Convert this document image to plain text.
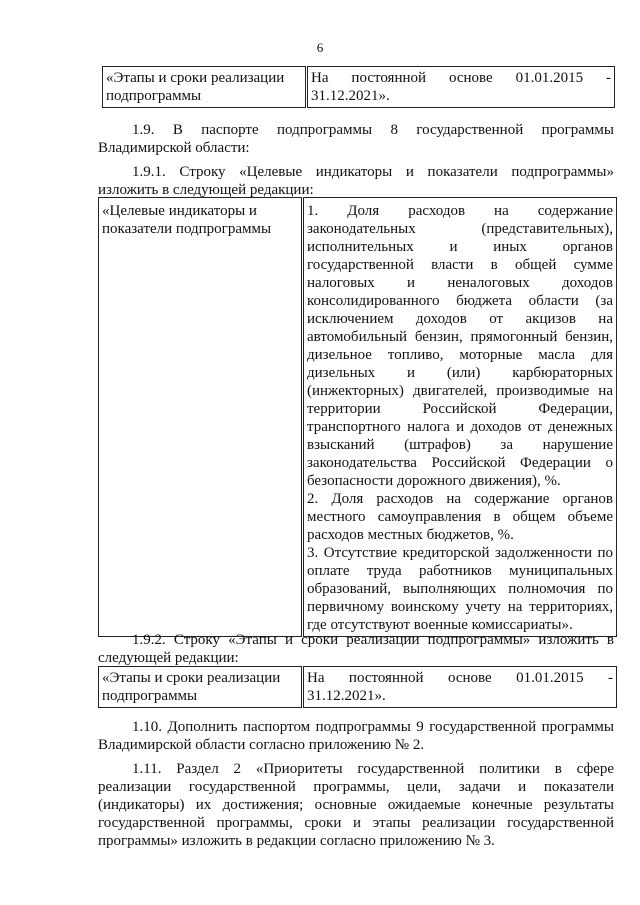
6
«Этапы и сроки реализации
подпрограммы

На постоянной основе 01.01.2015 -
31.12.2021».
1.9. В паспорте подпрограммы 8 государственной программы
Владимирской области:
1.9.1. Строку «Целевые индикаторы и показатели подпрограммы»
изложить в следующей редакции:
«Целевые индикаторы и
показатели подпрограммы

1. Доля расходов на содержание
законодательных (представительных),
исполнительных и иных органов
государственной власти в общей сумме
налоговых и неналоговых доходов
консолидированного бюджета области (за
исключением доходов от акцизов на
автомобильный бензин, прямогонный бензин,
дизельное топливо, моторные масла для
дизельных и (или) карбюраторных
(инжекторных) двигателей, производимые на
территории Российской Федерации,
транспортного налога и доходов от денежных
взысканий (штрафов) за нарушение
законодательства Российской Федерации о
безопасности дорожного движения), %.

2. Доля расходов на содержание органов
местного самоуправления в общем объеме
расходов местных бюджетов, %.

3. Отсутствие кредиторской задолженности по
оплате труда работников муниципальных
образований, выполняющих полномочия по
первичному воинскому учету на территориях,
где отсутствуют военные комиссариаты».

1.9.2. Строку «Этапы и сроки реализации подпрограммы» изложить в
следующей редакции:
«Этапы и сроки реализации
подпрограммы

На постоянной основе 01.01.2015 -
31.12.2021».
1.10. Дополнить паспортом подпрограммы 9 государственной программы
Владимирской области согласно приложению № 2.
1.11. Раздел 2 «Приоритеты государственной политики в сфере
реализации государственной программы, цели, задачи и показатели
(индикаторы) их достижения; основные ожидаемые конечные результаты
государственной программы, сроки и этапы реализации государственной
программы» изложить в редакции согласно приложению № 3.
